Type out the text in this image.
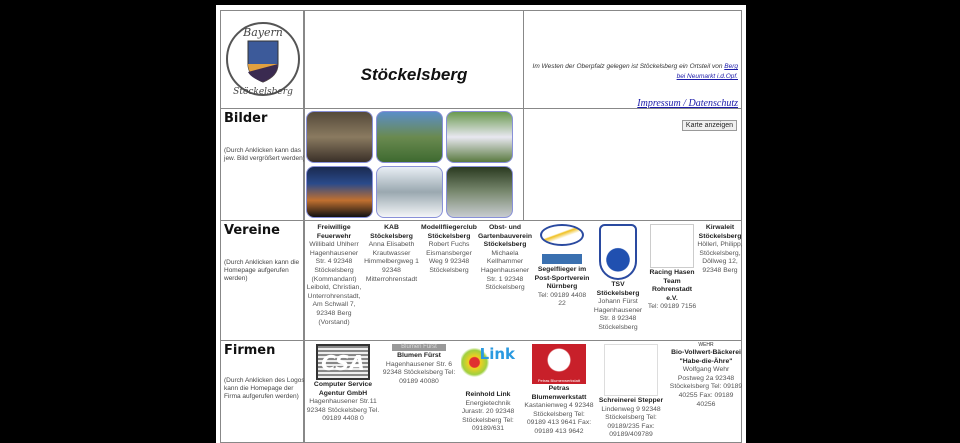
Bayern
Stöckelsberg
Stöckelsberg	Im Westen der Oberpfalz gelegen ist Stöckelsberg ein Ortsteil von Berg bei Neumarkt i.d.Opf.
Impressum / Datenschutz
Bilder
(Durch Anklicken kann das jew. Bild vergrößert werden)
Karte anzeigen
Vereine
(Durch Anklicken kann die Homepage aufgerufen werden)
Freiwillige Feuerwehr
Willibald Uhlherr Hagenhausener Str. 4 92348 Stöckelsberg (Kommandant) Leibold, Christian, Unterrohrenstadt, Am Schwall 7, 92348 Berg (Vorstand)
KAB Stöckelsberg
Anna Elisabeth Krautwasser Himmelbergweg 1 92348 Mitterrohrenstadt
Modellfliegerclub Stöckelsberg
Robert Fuchs Eismansberger Weg 9 92348 Stöckelsberg
Obst- und Gartenbauverein Stöckelsberg
Michaela Kellhammer Hagenhausener Str. 1 92348 Stöckelsberg
Segelflieger im Post-Sportverein Nürnberg
Tel: 09189 4408 22
TSV Stöckelsberg
Johann Fürst Hagenhausener Str. 8 92348 Stöckelsberg
Racing Hasen Team Rohrenstadt e.V.
Tel: 09189 7156
Kirwaleit Stöckelsberg
Höllerl, Philipp, Stöckelsberg, Döllweg 12, 92348 Berg
Firmen
(Durch Anklicken des Logos kann die Homepage der Firma aufgerufen werden)
CSA
Computer Service Agentur GmbH
Hagenhausener Str.11 92348 Stöckelsberg Tel. 09189 4408 0
Blumen Fürst
Blumen Fürst
Hagenhausener Str. 6 92348 Stöckelsberg Tel: 09189 40080
Link
Reinhold Link
Energietechnik Jurastr. 20 92348 Stöckelsberg Tel: 09189/631
Petras Blumenwerkstatt
Petras Blumenwerkstatt
Kastanienweg 4 92348 Stöckelsberg Tel: 09189 413 9641 Fax: 09189 413 9642
Schreinerei Stepper
Lindenweg 9 92348 Stöckelsberg Tel: 09189/235 Fax: 09189/409789
WEHR
Bio-Vollwert-Bäckerei "Habe-die-Ähre"
Wolfgang Wehr Postweg 2a 92348 Stöckelsberg Tel: 09189 40255 Fax: 09189 40256
